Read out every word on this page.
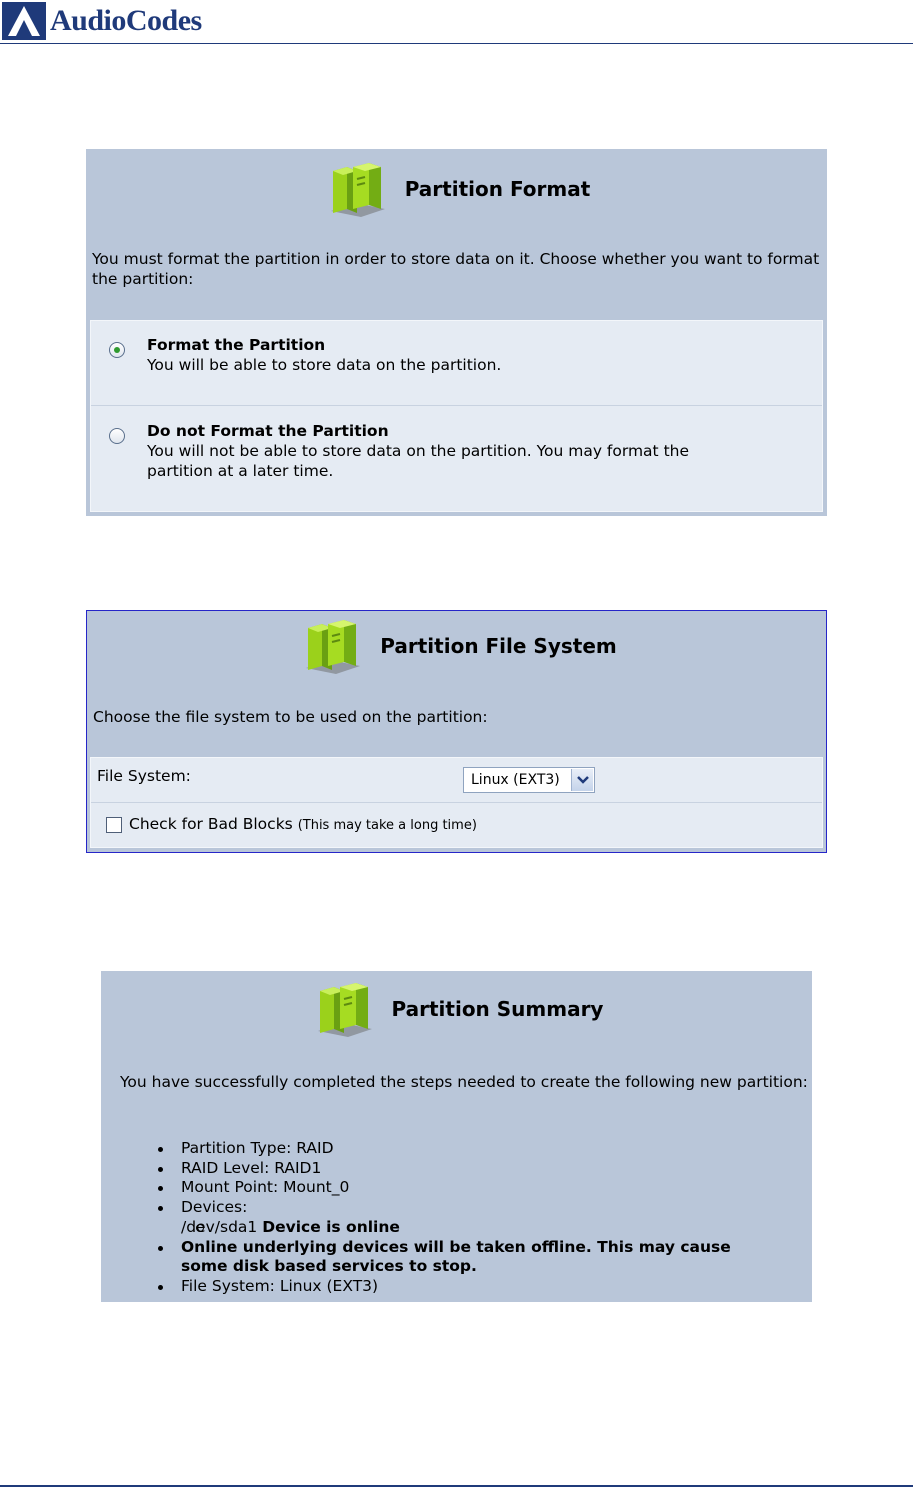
AudioCodes
Partition Format
You must format the partition in order to store data on it. Choose whether you want to format the partition:
Format the Partition
You will be able to store data on the partition.
Do not Format the Partition
You will not be able to store data on the partition. You may format the
partition at a later time.
Partition File System
Choose the file system to be used on the partition:
File System:	Linux (EXT3)
Check for Bad Blocks (This may take a long time)
Partition Summary
You have successfully completed the steps needed to create the following new partition:
Partition Type: RAID
RAID Level: RAID1
Mount Point: Mount_0
Devices:
/dev/sda1 Device is online
Online underlying devices will be taken offline. This may cause
some disk based services to stop.
File System: Linux (EXT3)
